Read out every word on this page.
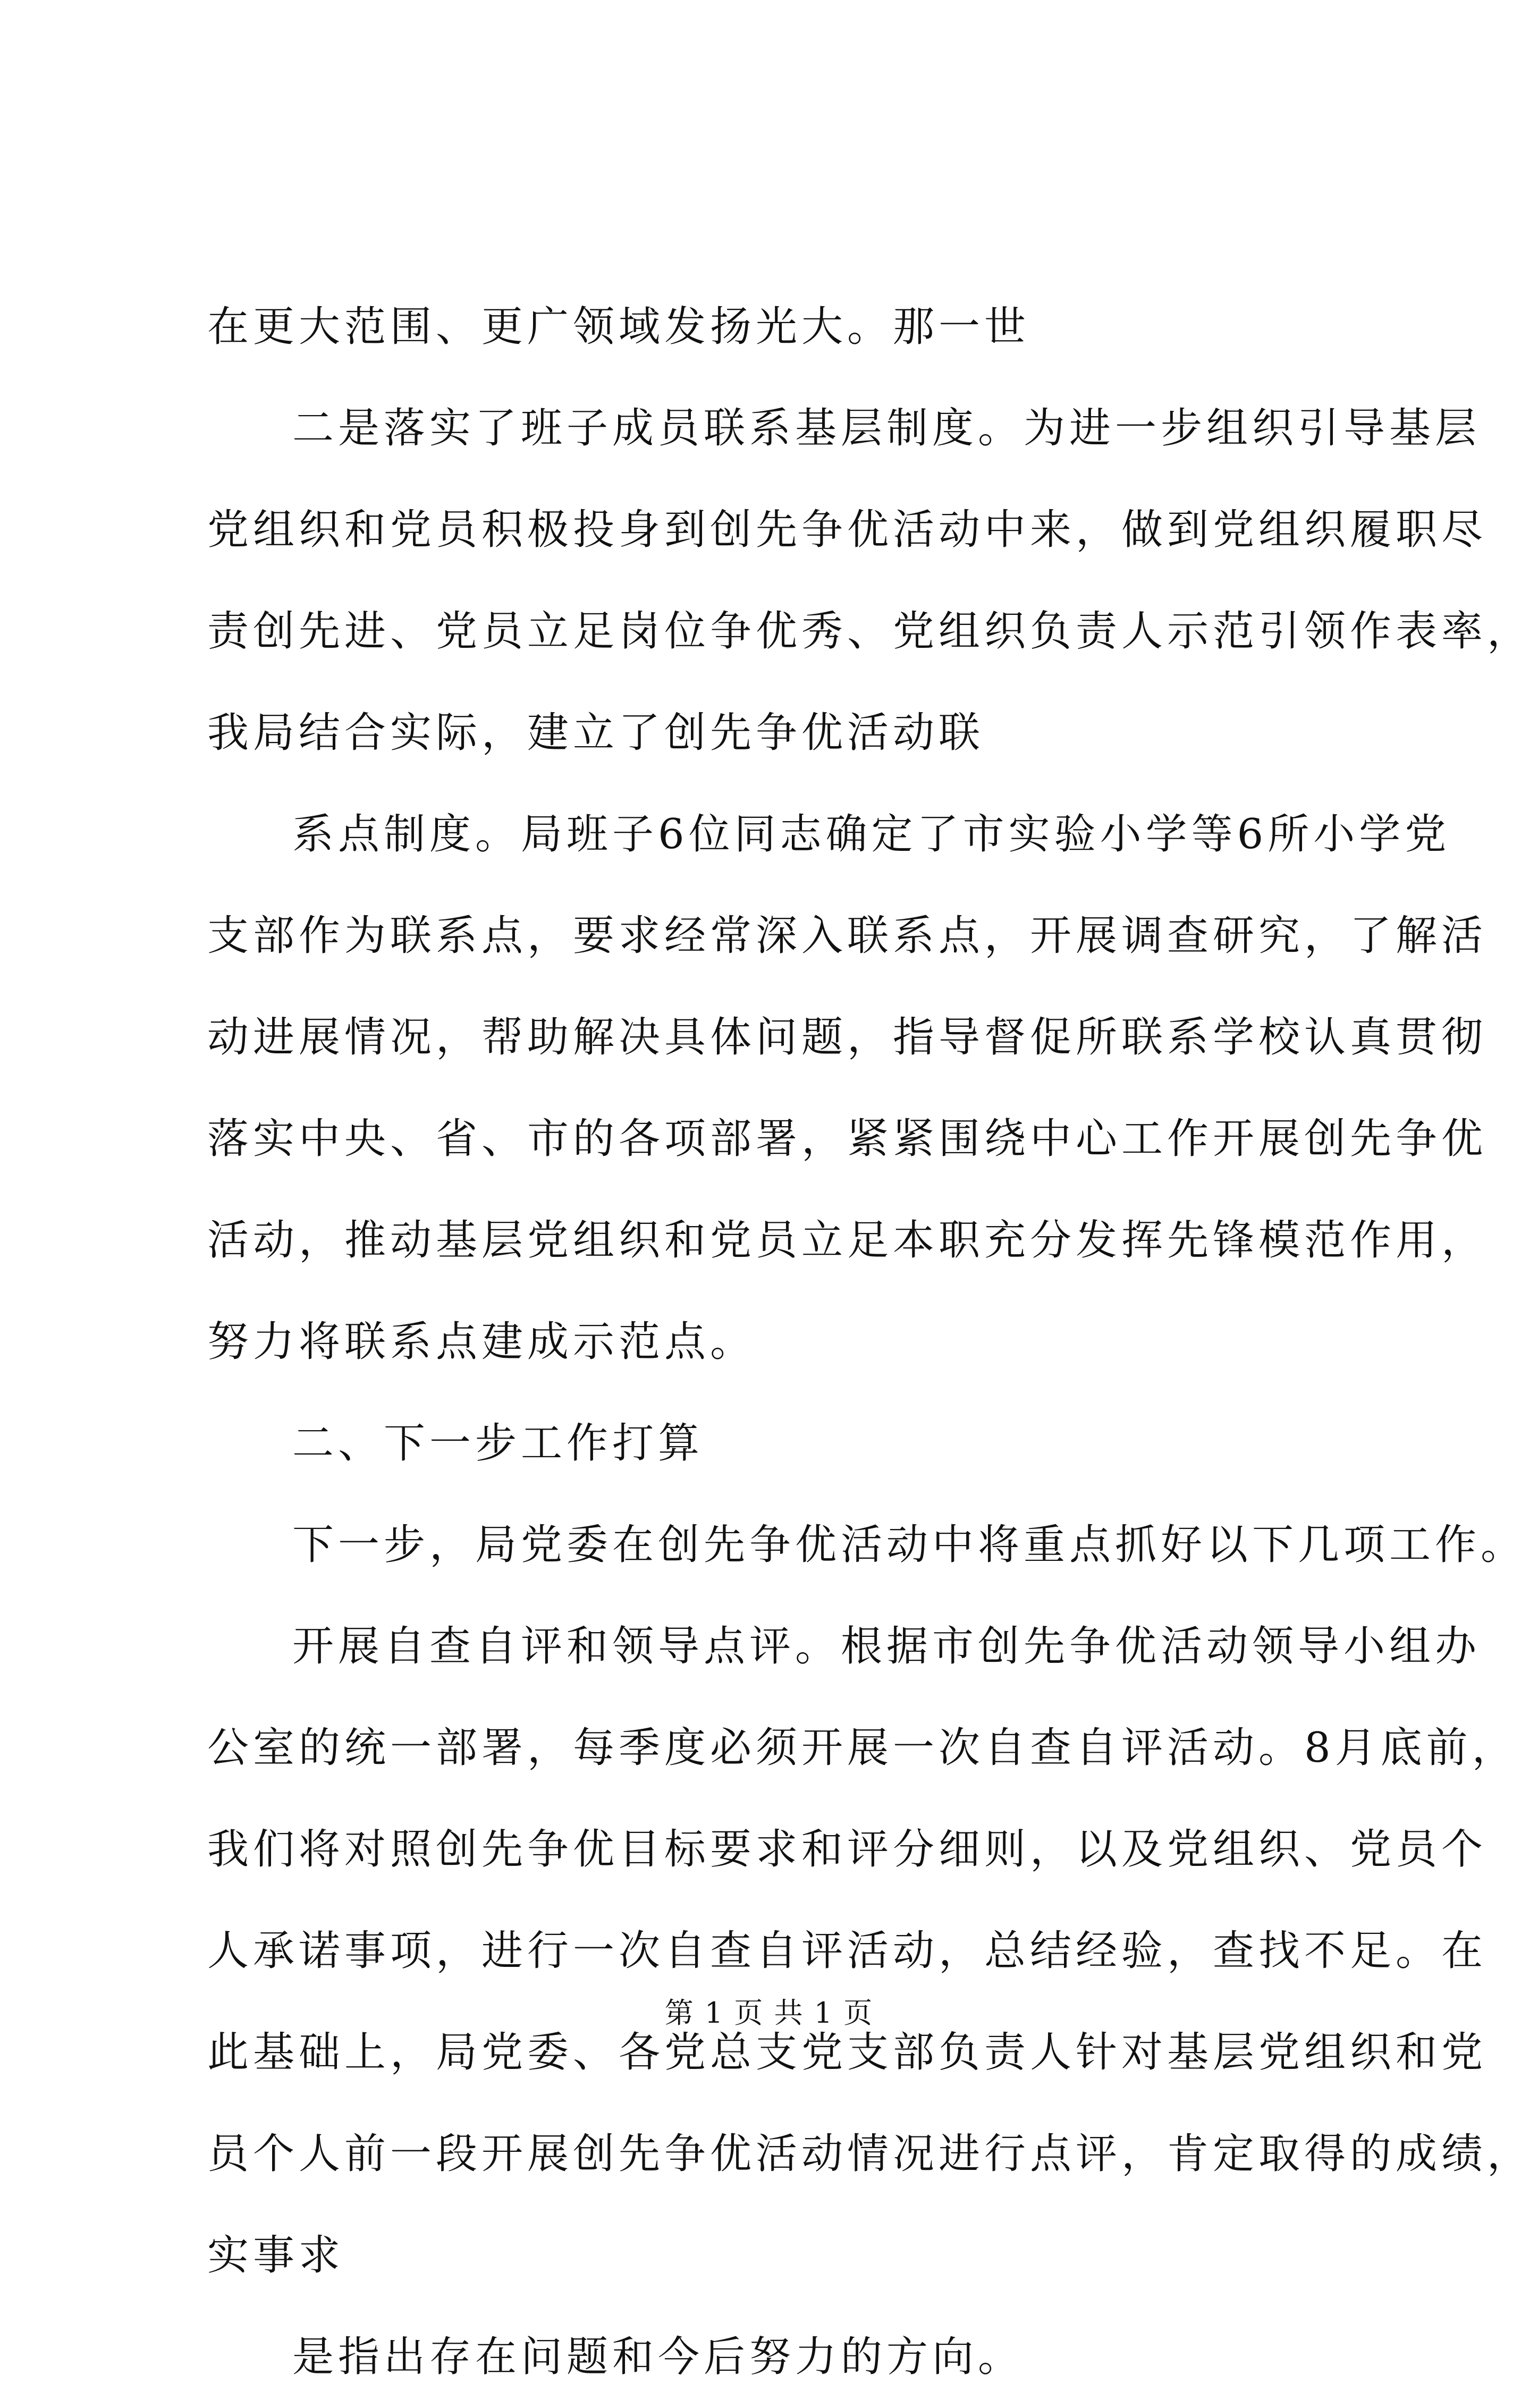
在更大范围、更广领域发扬光大。那一世
二是落实了班子成员联系基层制度。为进一步组织引导基层
党组织和党员积极投身到创先争优活动中来，做到党组织履职尽
责创先进、党员立足岗位争优秀、党组织负责人示范引领作表率，
我局结合实际，建立了创先争优活动联
系点制度。局班子6位同志确定了市实验小学等6所小学党
支部作为联系点，要求经常深入联系点，开展调查研究，了解活
动进展情况，帮助解决具体问题，指导督促所联系学校认真贯彻
落实中央、省、市的各项部署，紧紧围绕中心工作开展创先争优
活动，推动基层党组织和党员立足本职充分发挥先锋模范作用，
努力将联系点建成示范点。
二、下一步工作打算
下一步，局党委在创先争优活动中将重点抓好以下几项工作。
开展自查自评和领导点评。根据市创先争优活动领导小组办
公室的统一部署，每季度必须开展一次自查自评活动。8月底前，
我们将对照创先争优目标要求和评分细则，以及党组织、党员个
人承诺事项，进行一次自查自评活动，总结经验，查找不足。在
此基础上，局党委、各党总支党支部负责人针对基层党组织和党
员个人前一段开展创先争优活动情况进行点评，肯定取得的成绩，
实事求
是指出存在问题和今后努力的方向。
第 1 页 共 1 页
